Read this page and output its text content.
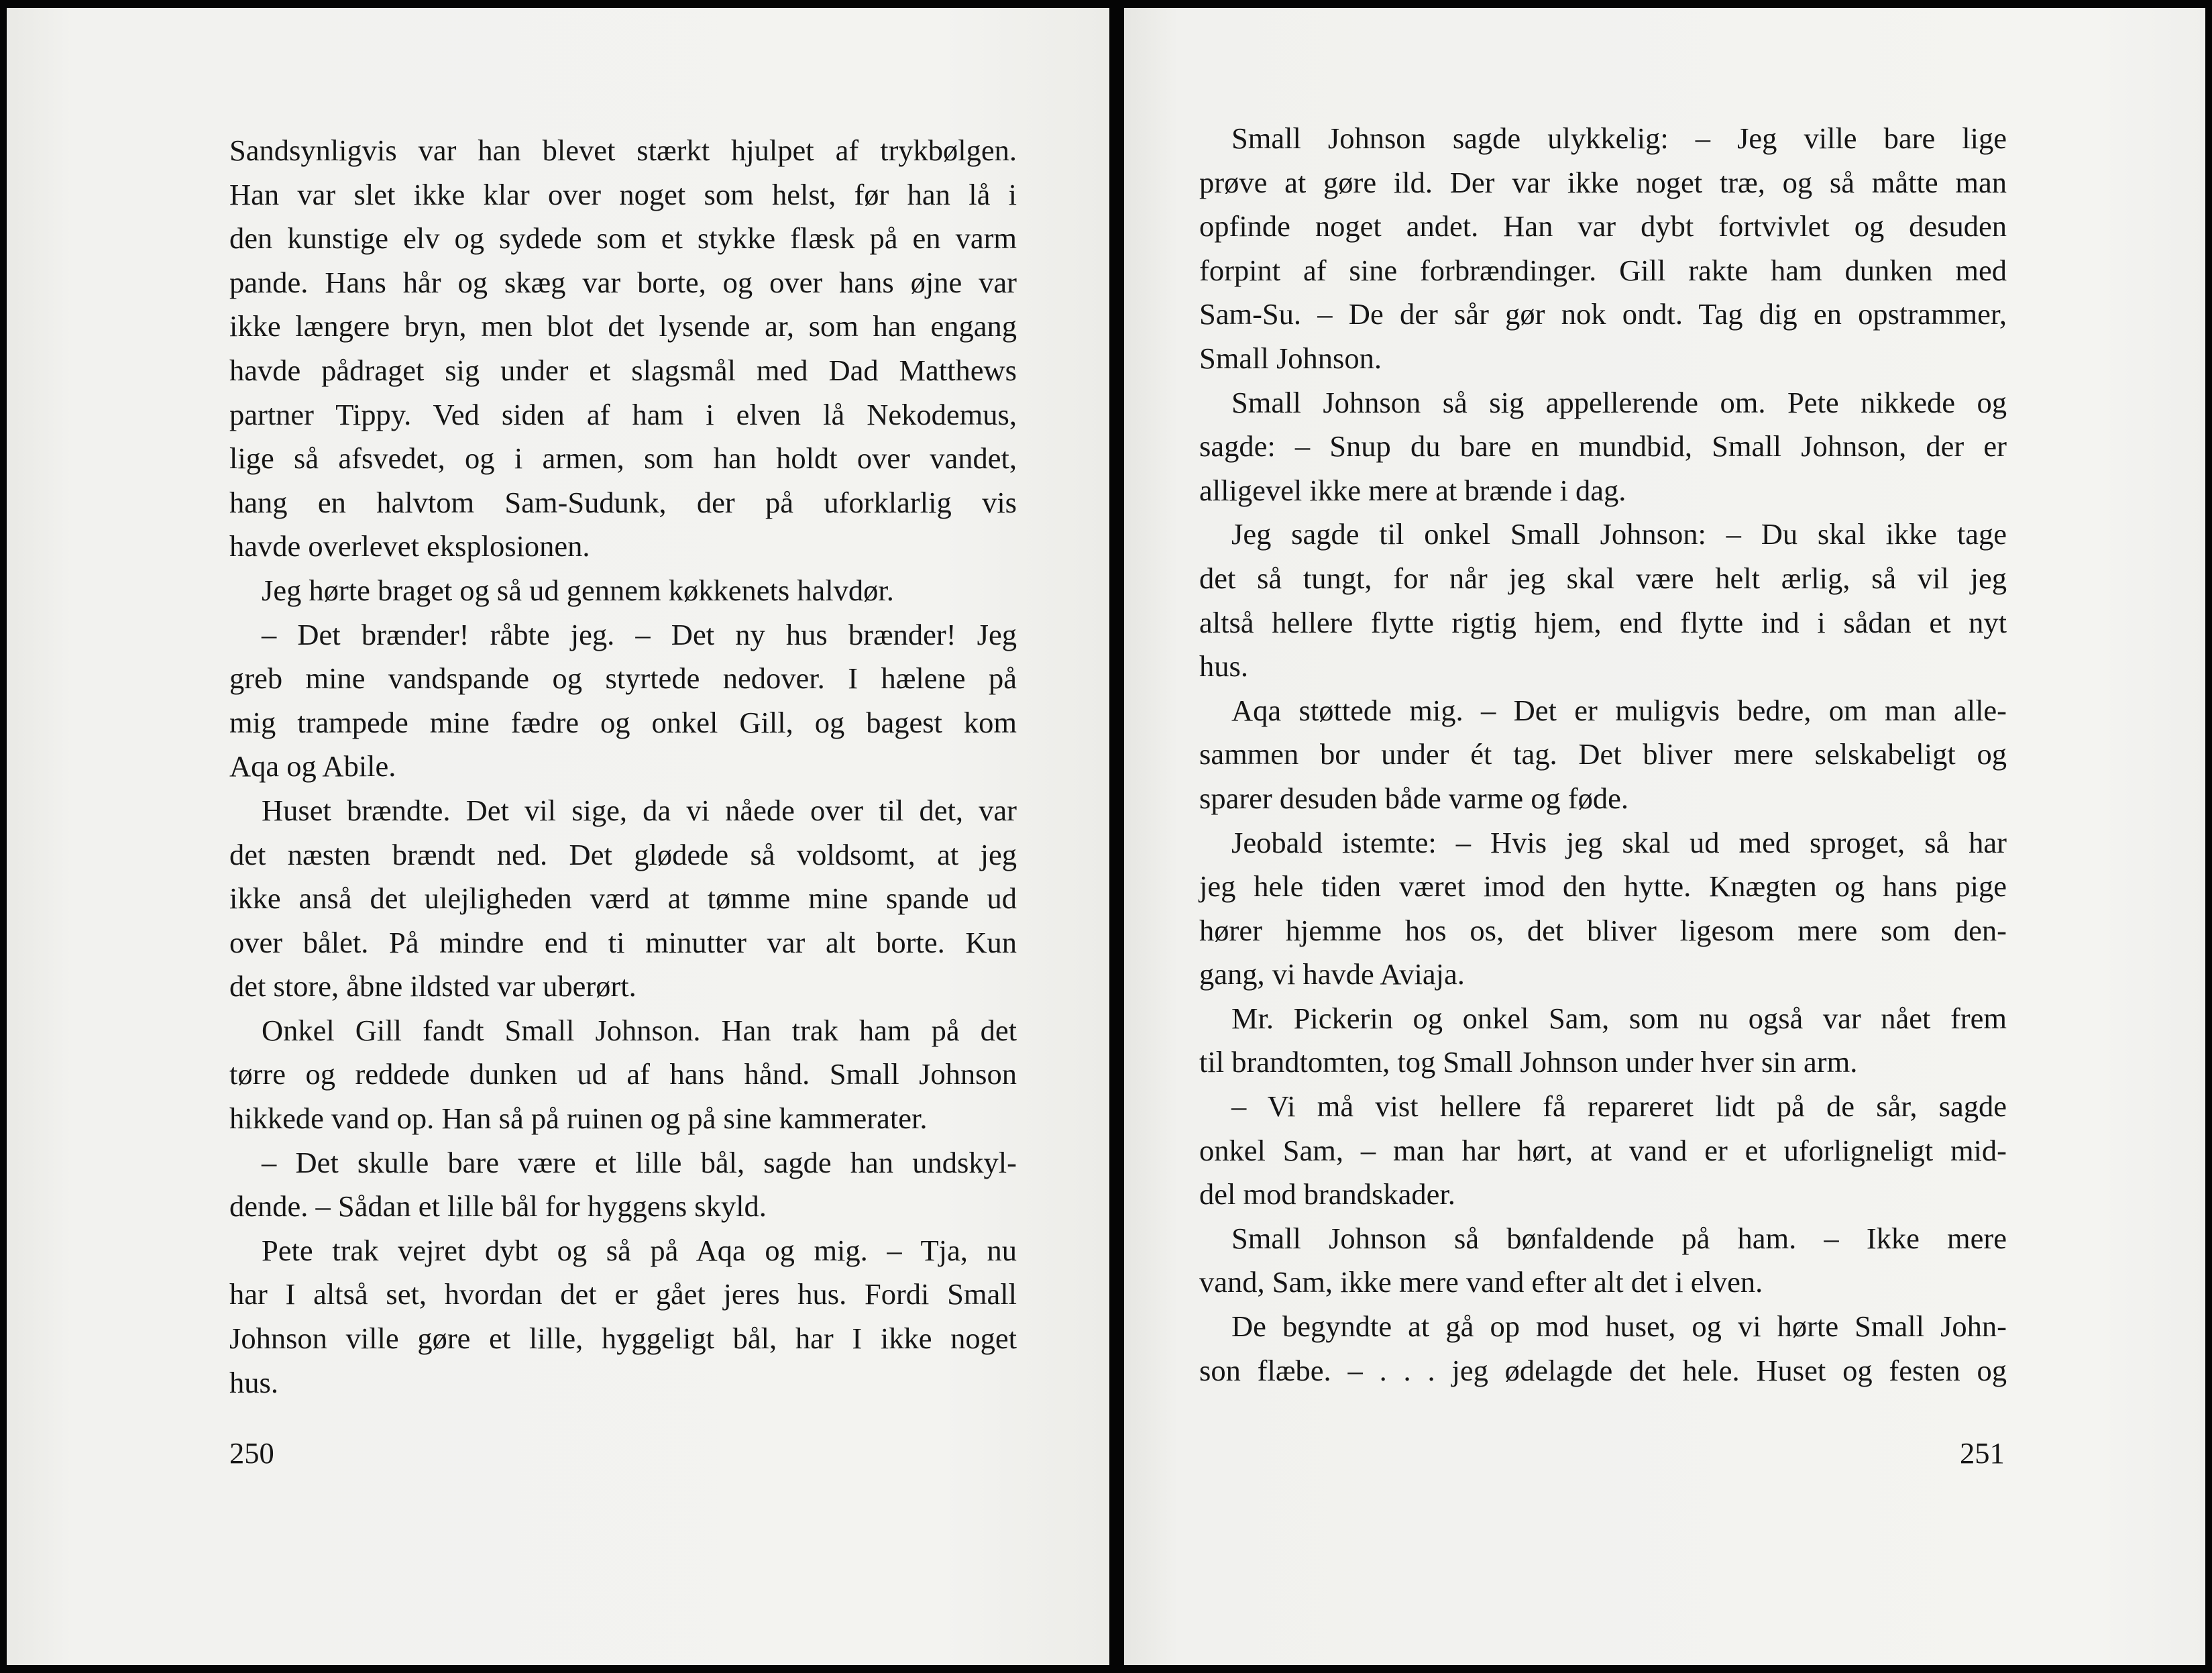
Sandsynligvis var han blevet stærkt hjulpet af trykbølgen.
Han var slet ikke klar over noget som helst, før han lå i
den kunstige elv og sydede som et stykke flæsk på en varm
pande. Hans hår og skæg var borte, og over hans øjne var
ikke længere bryn, men blot det lysende ar, som han engang
havde pådraget sig under et slagsmål med Dad Matthews
partner Tippy. Ved siden af ham i elven lå Nekodemus,
lige så afsvedet, og i armen, som han holdt over vandet,
hang en halvtom Sam-Sudunk, der på uforklarlig vis
havde overlevet eksplosionen.
Jeg hørte braget og så ud gennem køkkenets halvdør.
– Det brænder! råbte jeg. – Det ny hus brænder! Jeg
greb mine vandspande og styrtede nedover. I hælene på
mig trampede mine fædre og onkel Gill, og bagest kom
Aqa og Abile.
Huset brændte. Det vil sige, da vi nåede over til det, var
det næsten brændt ned. Det glødede så voldsomt, at jeg
ikke anså det ulejligheden værd at tømme mine spande ud
over bålet. På mindre end ti minutter var alt borte. Kun
det store, åbne ildsted var uberørt.
Onkel Gill fandt Small Johnson. Han trak ham på det
tørre og reddede dunken ud af hans hånd. Small Johnson
hikkede vand op. Han så på ruinen og på sine kammerater.
– Det skulle bare være et lille bål, sagde han undskyl-
dende. – Sådan et lille bål for hyggens skyld.
Pete trak vejret dybt og så på Aqa og mig. – Tja, nu
har I altså set, hvordan det er gået jeres hus. Fordi Small
Johnson ville gøre et lille, hyggeligt bål, har I ikke noget
hus.
250
Small Johnson sagde ulykkelig: – Jeg ville bare lige
prøve at gøre ild. Der var ikke noget træ, og så måtte man
opfinde noget andet. Han var dybt fortvivlet og desuden
forpint af sine forbrændinger. Gill rakte ham dunken med
Sam-Su. – De der sår gør nok ondt. Tag dig en opstrammer,
Small Johnson.
Small Johnson så sig appellerende om. Pete nikkede og
sagde: – Snup du bare en mundbid, Small Johnson, der er
alligevel ikke mere at brænde i dag.
Jeg sagde til onkel Small Johnson: – Du skal ikke tage
det så tungt, for når jeg skal være helt ærlig, så vil jeg
altså hellere flytte rigtig hjem, end flytte ind i sådan et nyt
hus.
Aqa støttede mig. – Det er muligvis bedre, om man alle-
sammen bor under ét tag. Det bliver mere selskabeligt og
sparer desuden både varme og føde.
Jeobald istemte: – Hvis jeg skal ud med sproget, så har
jeg hele tiden været imod den hytte. Knægten og hans pige
hører hjemme hos os, det bliver ligesom mere som den-
gang, vi havde Aviaja.
Mr. Pickerin og onkel Sam, som nu også var nået frem
til brandtomten, tog Small Johnson under hver sin arm.
– Vi må vist hellere få repareret lidt på de sår, sagde
onkel Sam, – man har hørt, at vand er et uforligneligt mid-
del mod brandskader.
Small Johnson så bønfaldende på ham. – Ikke mere
vand, Sam, ikke mere vand efter alt det i elven.
De begyndte at gå op mod huset, og vi hørte Small John-
son flæbe. – . . . jeg ødelagde det hele. Huset og festen og
251
